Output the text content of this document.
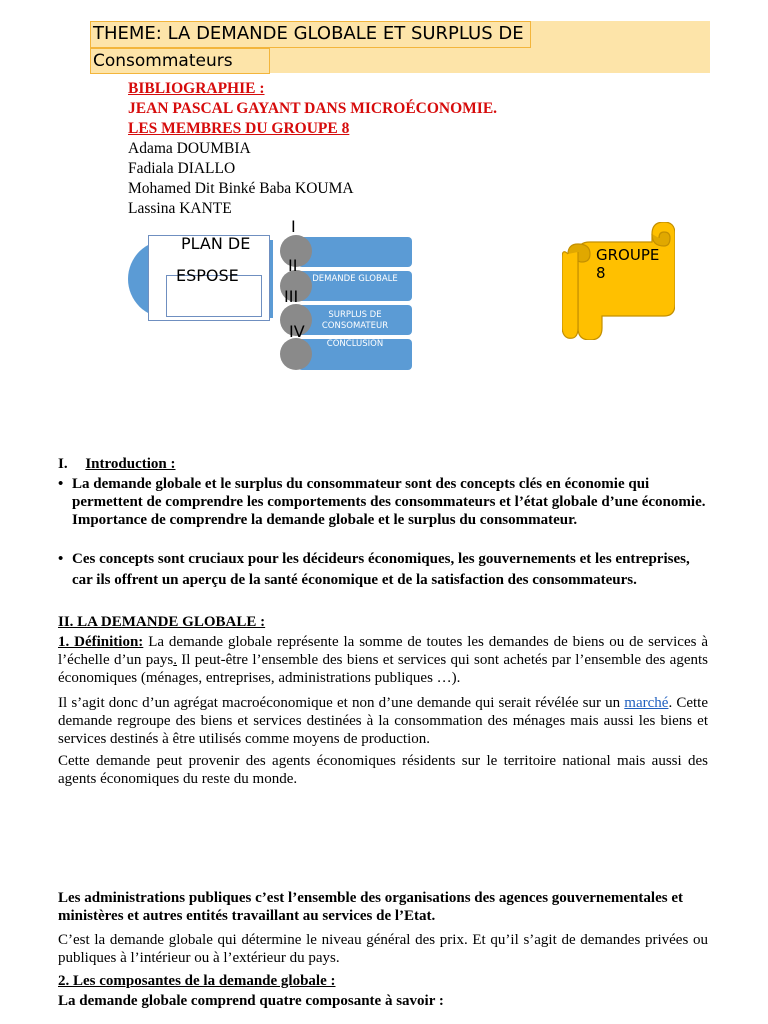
THEME: LA DEMANDE GLOBALE ET SURPLUS DE
Consommateurs
BIBLIOGRAPHIE :
JEAN PASCAL GAYANT DANS MICROÉCONOMIE.
LES MEMBRES DU GROUPE 8
Adama DOUMBIA
Fadiala DIALLO
Mohamed Dit Binké Baba KOUMA
Lassina KANTE
PLAN DE
ESPOSE	DEMANDE GLOBALE
SURPLUS DE CONSOMATEUR
CONCLUSION
I
II
III
IV
GROUPE
8
I. Introduction :
• La demande globale et le surplus du consommateur sont des concepts clés en économie qui permettent de comprendre les comportements des consommateurs et l’état globale d’une économie.
Importance de comprendre la demande globale et le surplus du consommateur.
• Ces concepts sont cruciaux pour les décideurs économiques, les gouvernements et les entreprises, car ils offrent un aperçu de la santé économique et de la satisfaction des consommateurs.
II. LA DEMANDE GLOBALE :
1. Définition: La demande globale représente la somme de toutes les demandes de biens ou de services à l’échelle d’un pays. Il peut-être l’ensemble des biens et services qui sont achetés par l’ensemble des agents économiques (ménages, entreprises, administrations publiques …).
Il s’agit donc d’un agrégat macroéconomique et non d’une demande qui serait révélée sur un marché. Cette demande regroupe des biens et services destinées à la consommation des ménages mais aussi les biens et services destinés à être utilisés comme moyens de production.
Cette demande peut provenir des agents économiques résidents sur le territoire national mais aussi des agents économiques du reste du monde.
Les administrations publiques c’est l’ensemble des organisations des agences gouvernementales et ministères et autres entités travaillant au services de l’Etat.
C’est la demande globale qui détermine le niveau général des prix. Et qu’il s’agit de demandes privées ou publiques à l’intérieur ou à l’extérieur du pays.
2. Les composantes de la demande globale :
La demande globale comprend quatre composante à savoir :
